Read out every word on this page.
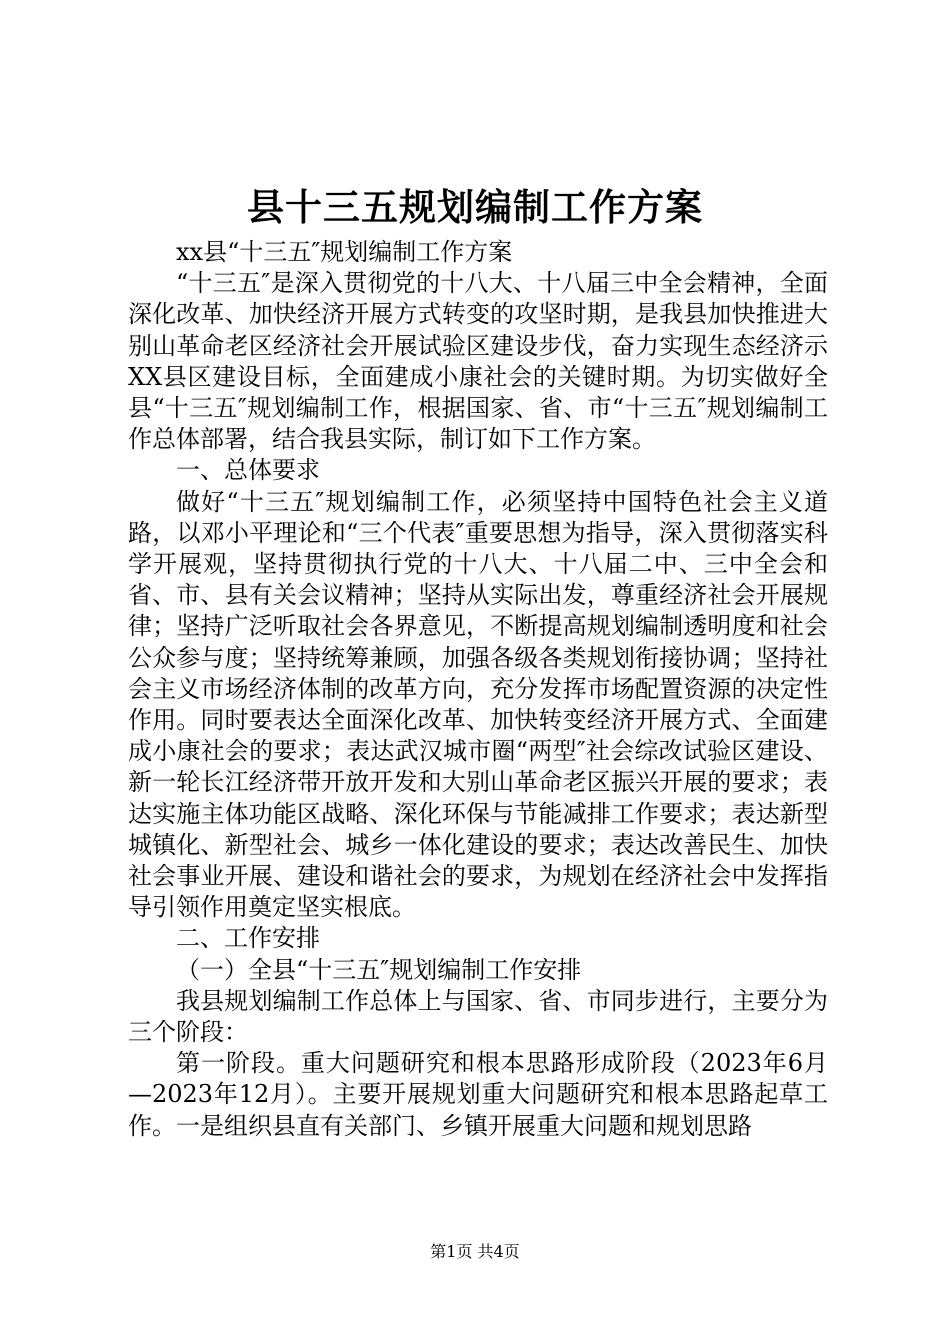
县十三五规划编制工作方案

xx县“十三五″规划编制工作方案

“十三五″是深入贯彻党的十八大、十八届三中全会精神，全面深化改革、加快经济开展方式转变的攻坚时期，是我县加快推进大别山革命老区经济社会开展试验区建设步伐，奋力实现生态经济示XX县区建设目标，全面建成小康社会的关键时期。为切实做好全县“十三五″规划编制工作，根据国家、省、市“十三五″规划编制工作总体部署，结合我县实际，制订如下工作方案。

一、总体要求

做好“十三五″规划编制工作，必须坚持中国特色社会主义道路，以邓小平理论和“三个代表″重要思想为指导，深入贯彻落实科学开展观，坚持贯彻执行党的十八大、十八届二中、三中全会和省、市、县有关会议精神；坚持从实际出发，尊重经济社会开展规律；坚持广泛听取社会各界意见，不断提高规划编制透明度和社会公众参与度；坚持统筹兼顾，加强各级各类规划衔接协调；坚持社会主义市场经济体制的改革方向，充分发挥市场配置资源的决定性作用。同时要表达全面深化改革、加快转变经济开展方式、全面建成小康社会的要求；表达武汉城市圈“两型″社会综改试验区建设、新一轮长江经济带开放开发和大别山革命老区振兴开展的要求；表达实施主体功能区战略、深化环保与节能减排工作要求；表达新型城镇化、新型社会、城乡一体化建设的要求；表达改善民生、加快社会事业开展、建设和谐社会的要求，为规划在经济社会中发挥指导引领作用奠定坚实根底。

二、工作安排

（一）全县“十三五″规划编制工作安排

我县规划编制工作总体上与国家、省、市同步进行，主要分为三个阶段：

第一阶段。重大问题研究和根本思路形成阶段（2023年6月—2023年12月）。主要开展规划重大问题研究和根本思路起草工作。一是组织县直有关部门、乡镇开展重大问题和规划思路

第1页 共4页
